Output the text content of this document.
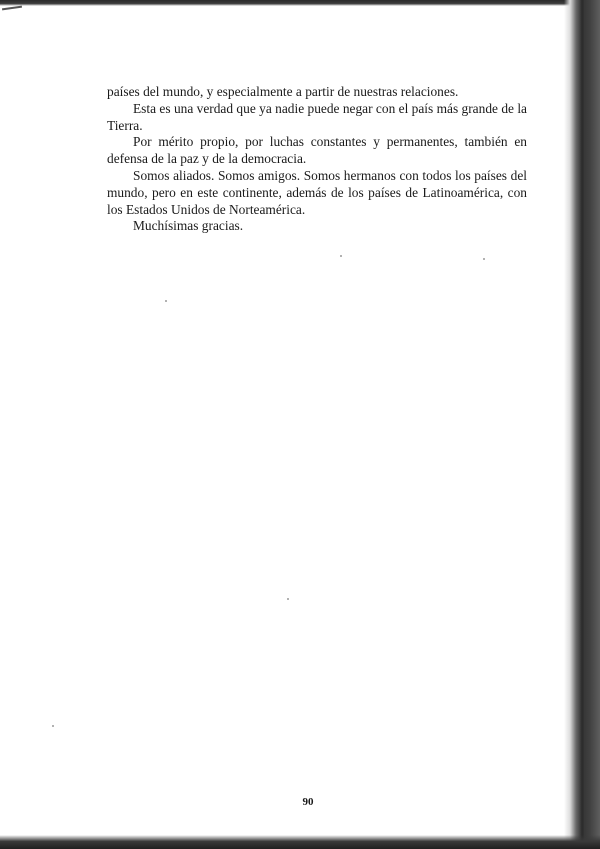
países del mundo, y especialmente a partir de nuestras relaciones.

Esta es una verdad que ya nadie puede negar con el país más grande de la Tierra.

Por mérito propio, por luchas constantes y permanentes, también en defensa de la paz y de la democracia.

Somos aliados. Somos amigos. Somos hermanos con todos los países del mundo, pero en este continente, además de los países de Latinoamérica, con los Estados Unidos de Norteamérica.

Muchísimas gracias.

90
